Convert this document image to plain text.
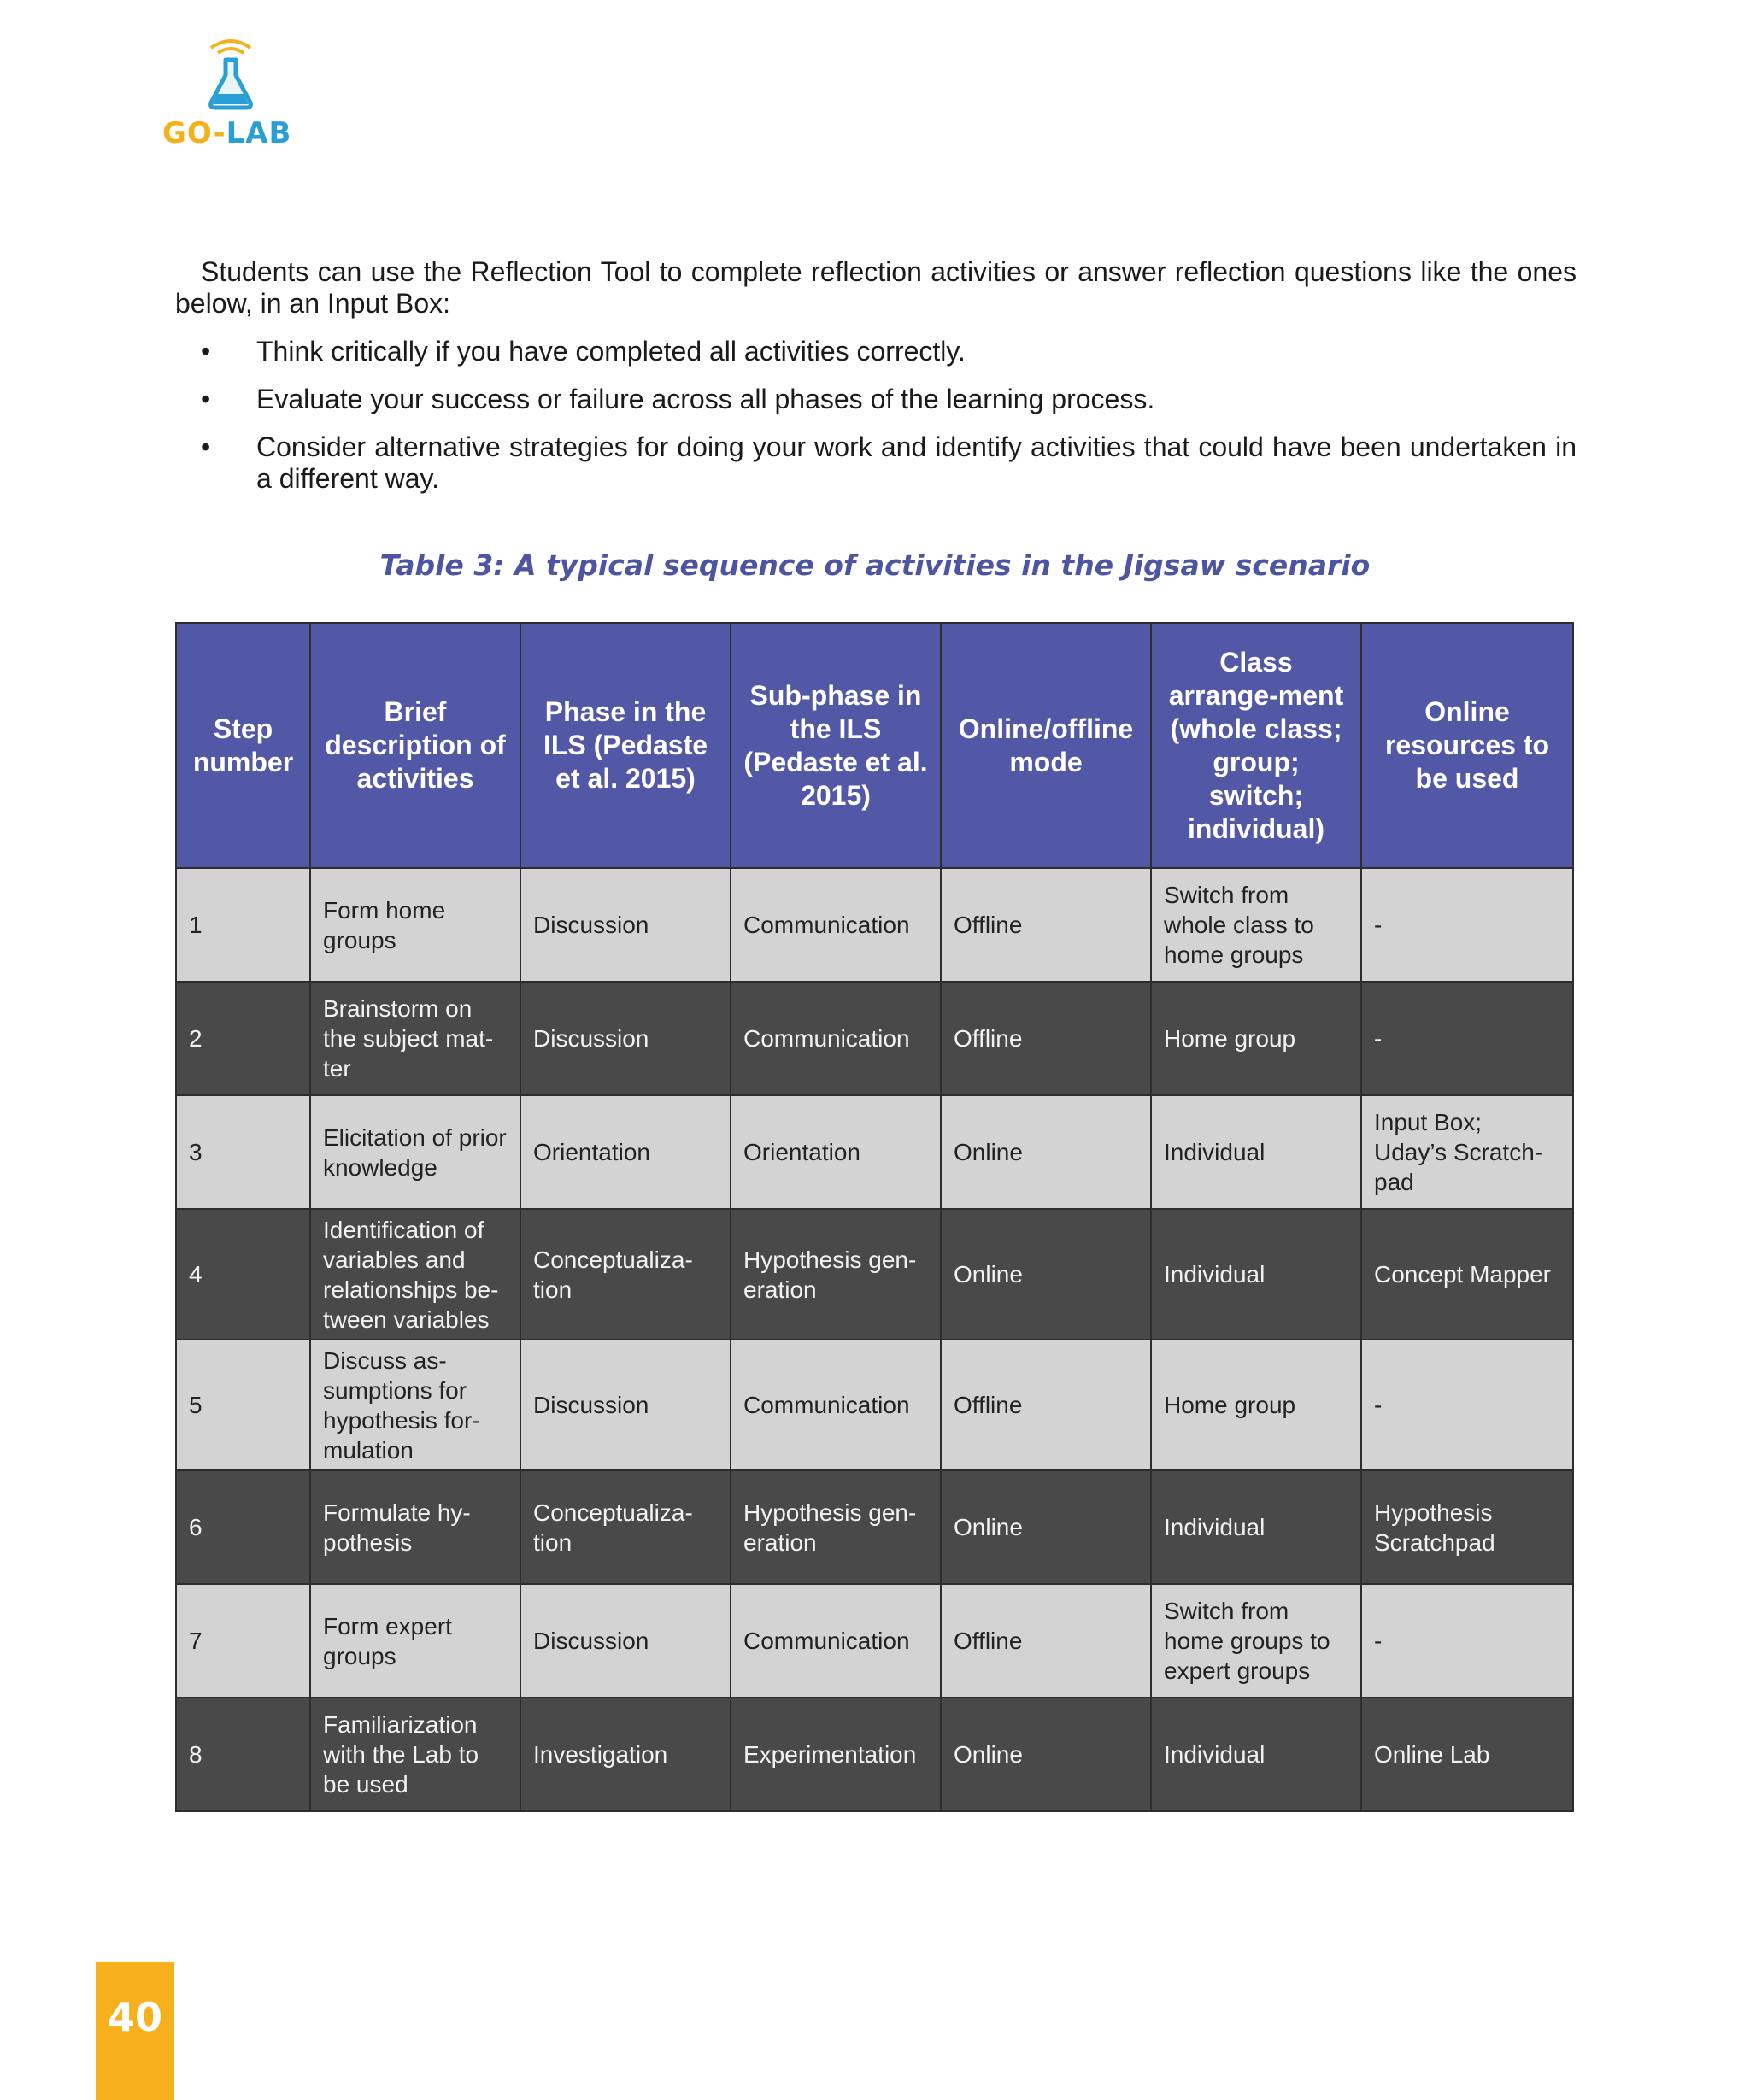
GO-LAB

Students can use the Reflection Tool to complete reflection activities or answer reflection questions like the ones below, in an Input Box:

• Think critically if you have completed all activities correctly.
• Evaluate your success or failure across all phases of the learning process.
• Consider alternative strategies for doing your work and identify activities that could have been undertaken in a different way.
Table 3: A typical sequence of activities in the Jigsaw scenario
Step number	Brief description of activities	Phase in the ILS (Pedaste et al. 2015)	Sub-phase in the ILS (Pedaste et al. 2015)	Online/offline mode	Class arrange-ment (whole class; group; switch; individual)	Online resources to be used
1	Form home groups	Discussion	Communication	Offline	Switch from whole class to home groups	-
2	Brainstorm on the subject mat-ter	Discussion	Communication	Offline	Home group	-
3	Elicitation of prior knowledge	Orientation	Orientation	Online	Individual	Input Box; Uday’s Scratch-pad
4	Identification of variables and relationships be-tween variables	Conceptualiza-tion	Hypothesis gen-eration	Online	Individual	Concept Mapper
5	Discuss as-sumptions for hypothesis for-mulation	Discussion	Communication	Offline	Home group	-
6	Formulate hy-pothesis	Conceptualiza-tion	Hypothesis gen-eration	Online	Individual	Hypothesis Scratchpad
7	Form expert groups	Discussion	Communication	Offline	Switch from home groups to expert groups	-
8	Familiarization with the Lab to be used	Investigation	Experimentation	Online	Individual	Online Lab
40
